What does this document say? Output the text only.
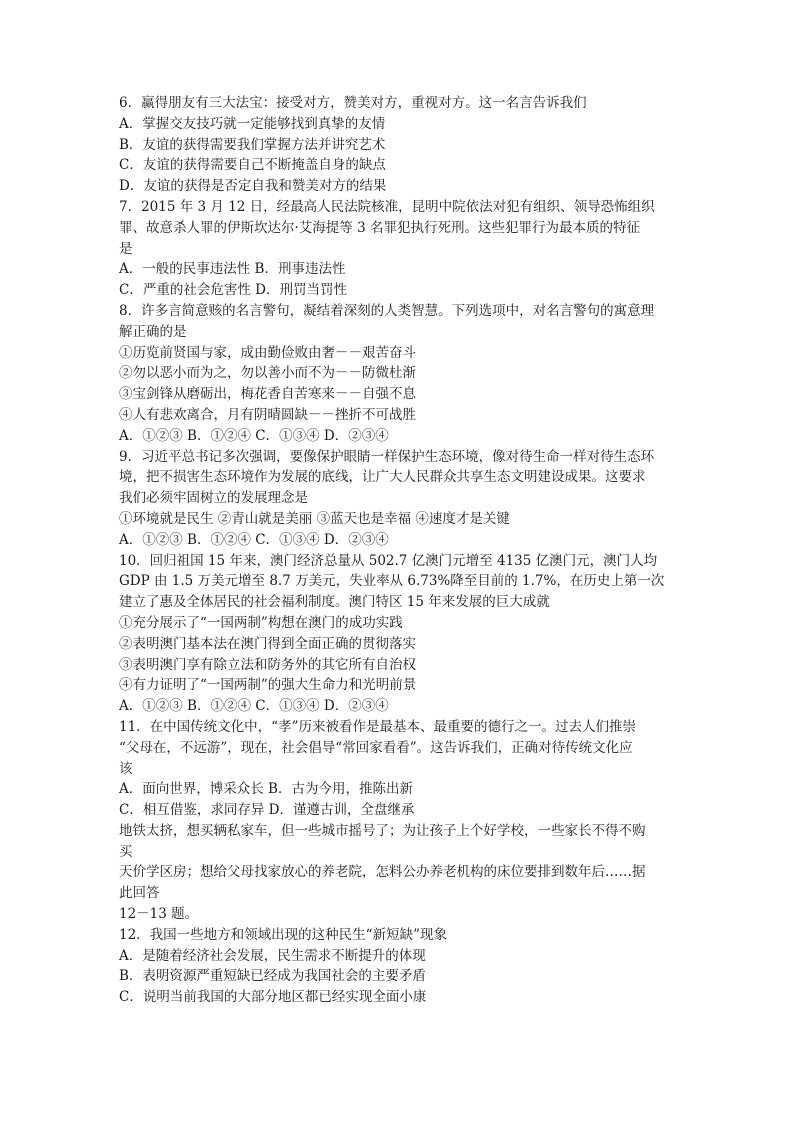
6．赢得朋友有三大法宝：接受对方，赞美对方，重视对方。这一名言告诉我们
A．掌握交友技巧就一定能够找到真挚的友情
B．友谊的获得需要我们掌握方法并讲究艺术
C．友谊的获得需要自己不断掩盖自身的缺点
D．友谊的获得是否定自我和赞美对方的结果
7．2015 年 3 月 12 日，经最高人民法院核准，昆明中院依法对犯有组织、领导恐怖组织
罪、故意杀人罪的伊斯坎达尔·艾海提等 3 名罪犯执行死刑。这些犯罪行为最本质的特征
是
A．一般的民事违法性 B．刑事违法性
C．严重的社会危害性 D．刑罚当罚性
8．许多言简意赅的名言警句，凝结着深刻的人类智慧。下列选项中，对名言警句的寓意理
解正确的是
①历览前贤国与家，成由勤俭败由奢－－艰苦奋斗
②勿以恶小而为之，勿以善小而不为－－防微杜渐
③宝剑锋从磨砺出，梅花香自苦寒来－－自强不息
④人有悲欢离合，月有阴晴圆缺－－挫折不可战胜
A．①②③ B．①②④ C．①③④ D．②③④
9．习近平总书记多次强调，要像保护眼睛一样保护生态环境，像对待生命一样对待生态环
境，把不损害生态环境作为发展的底线，让广大人民群众共享生态文明建设成果。这要求
我们必须牢固树立的发展理念是
①环境就是民生 ②青山就是美丽 ③蓝天也是幸福 ④速度才是关键
A．①②③ B．①②④ C．①③④ D．②③④
10．回归祖国 15 年来，澳门经济总量从 502.7 亿澳门元增至 4135 亿澳门元，澳门人均
GDP 由 1.5 万美元增至 8.7 万美元，失业率从 6.73%降至目前的 1.7%，在历史上第一次
建立了惠及全体居民的社会福利制度。澳门特区 15 年来发展的巨大成就
①充分展示了“一国两制”构想在澳门的成功实践
②表明澳门基本法在澳门得到全面正确的贯彻落实
③表明澳门享有除立法和防务外的其它所有自治权
④有力证明了“一国两制”的强大生命力和光明前景
A．①②③ B．①②④ C．①③④ D．②③④
11．在中国传统文化中，“孝”历来被看作是最基本、最重要的德行之一。过去人们推崇
“父母在，不远游”，现在，社会倡导“常回家看看”。这告诉我们，正确对待传统文化应
该
A．面向世界，博采众长 B．古为今用，推陈出新
C．相互借鉴，求同存异 D．谨遵古训，全盘继承
地铁太挤，想买辆私家车，但一些城市摇号了；为让孩子上个好学校，一些家长不得不购
买
天价学区房；想给父母找家放心的养老院，怎料公办养老机构的床位要排到数年后……据
此回答
12－13 题。
12．我国一些地方和领域出现的这种民生“新短缺”现象
A．是随着经济社会发展，民生需求不断提升的体现
B．表明资源严重短缺已经成为我国社会的主要矛盾
C．说明当前我国的大部分地区都已经实现全面小康
